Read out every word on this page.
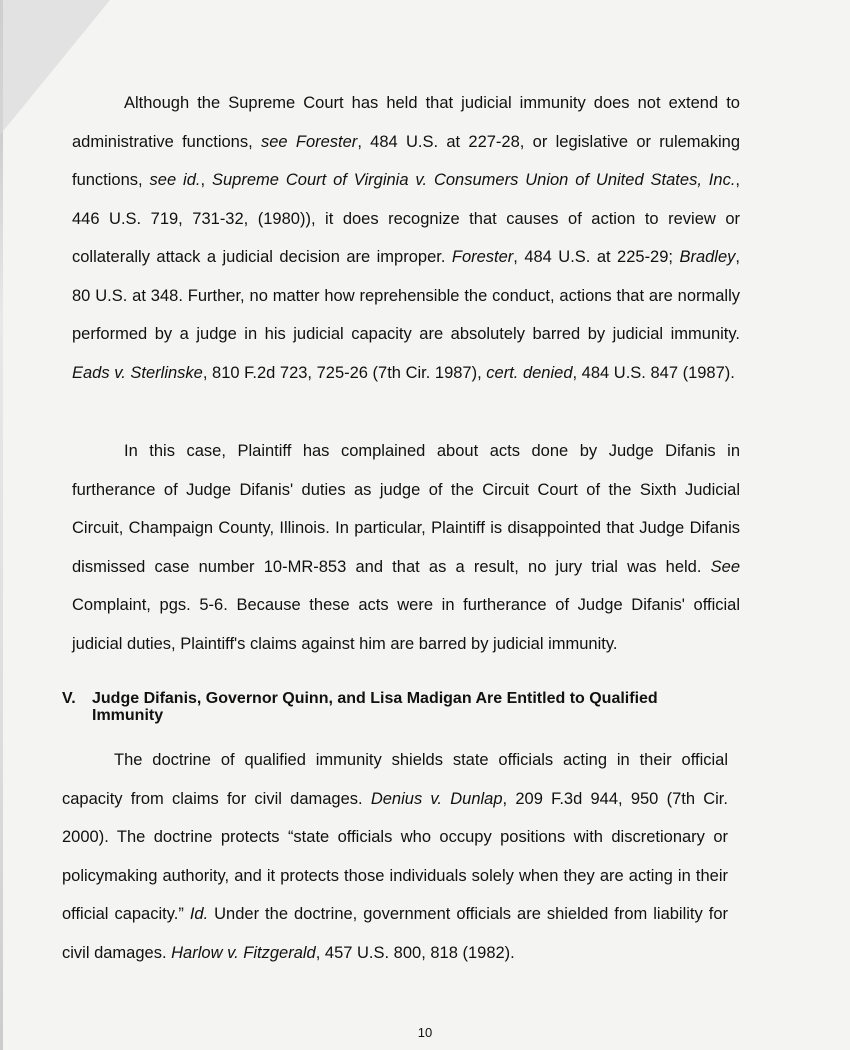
Although the Supreme Court has held that judicial immunity does not extend to administrative functions, see Forester, 484 U.S. at 227-28, or legislative or rulemaking functions, see id., Supreme Court of Virginia v. Consumers Union of United States, Inc., 446 U.S. 719, 731-32, (1980)), it does recognize that causes of action to review or collaterally attack a judicial decision are improper. Forester, 484 U.S. at 225-29; Bradley, 80 U.S. at 348. Further, no matter how reprehensible the conduct, actions that are normally performed by a judge in his judicial capacity are absolutely barred by judicial immunity. Eads v. Sterlinske, 810 F.2d 723, 725-26 (7th Cir. 1987), cert. denied, 484 U.S. 847 (1987).

In this case, Plaintiff has complained about acts done by Judge Difanis in furtherance of Judge Difanis' duties as judge of the Circuit Court of the Sixth Judicial Circuit, Champaign County, Illinois. In particular, Plaintiff is disappointed that Judge Difanis dismissed case number 10-MR-853 and that as a result, no jury trial was held. See Complaint, pgs. 5-6. Because these acts were in furtherance of Judge Difanis' official judicial duties, Plaintiff's claims against him are barred by judicial immunity.

V. Judge Difanis, Governor Quinn, and Lisa Madigan Are Entitled to Qualified
Immunity

The doctrine of qualified immunity shields state officials acting in their official capacity from claims for civil damages. Denius v. Dunlap, 209 F.3d 944, 950 (7th Cir. 2000). The doctrine protects “state officials who occupy positions with discretionary or policymaking authority, and it protects those individuals solely when they are acting in their official capacity.” Id. Under the doctrine, government officials are shielded from liability for civil damages. Harlow v. Fitzgerald, 457 U.S. 800, 818 (1982).

10
